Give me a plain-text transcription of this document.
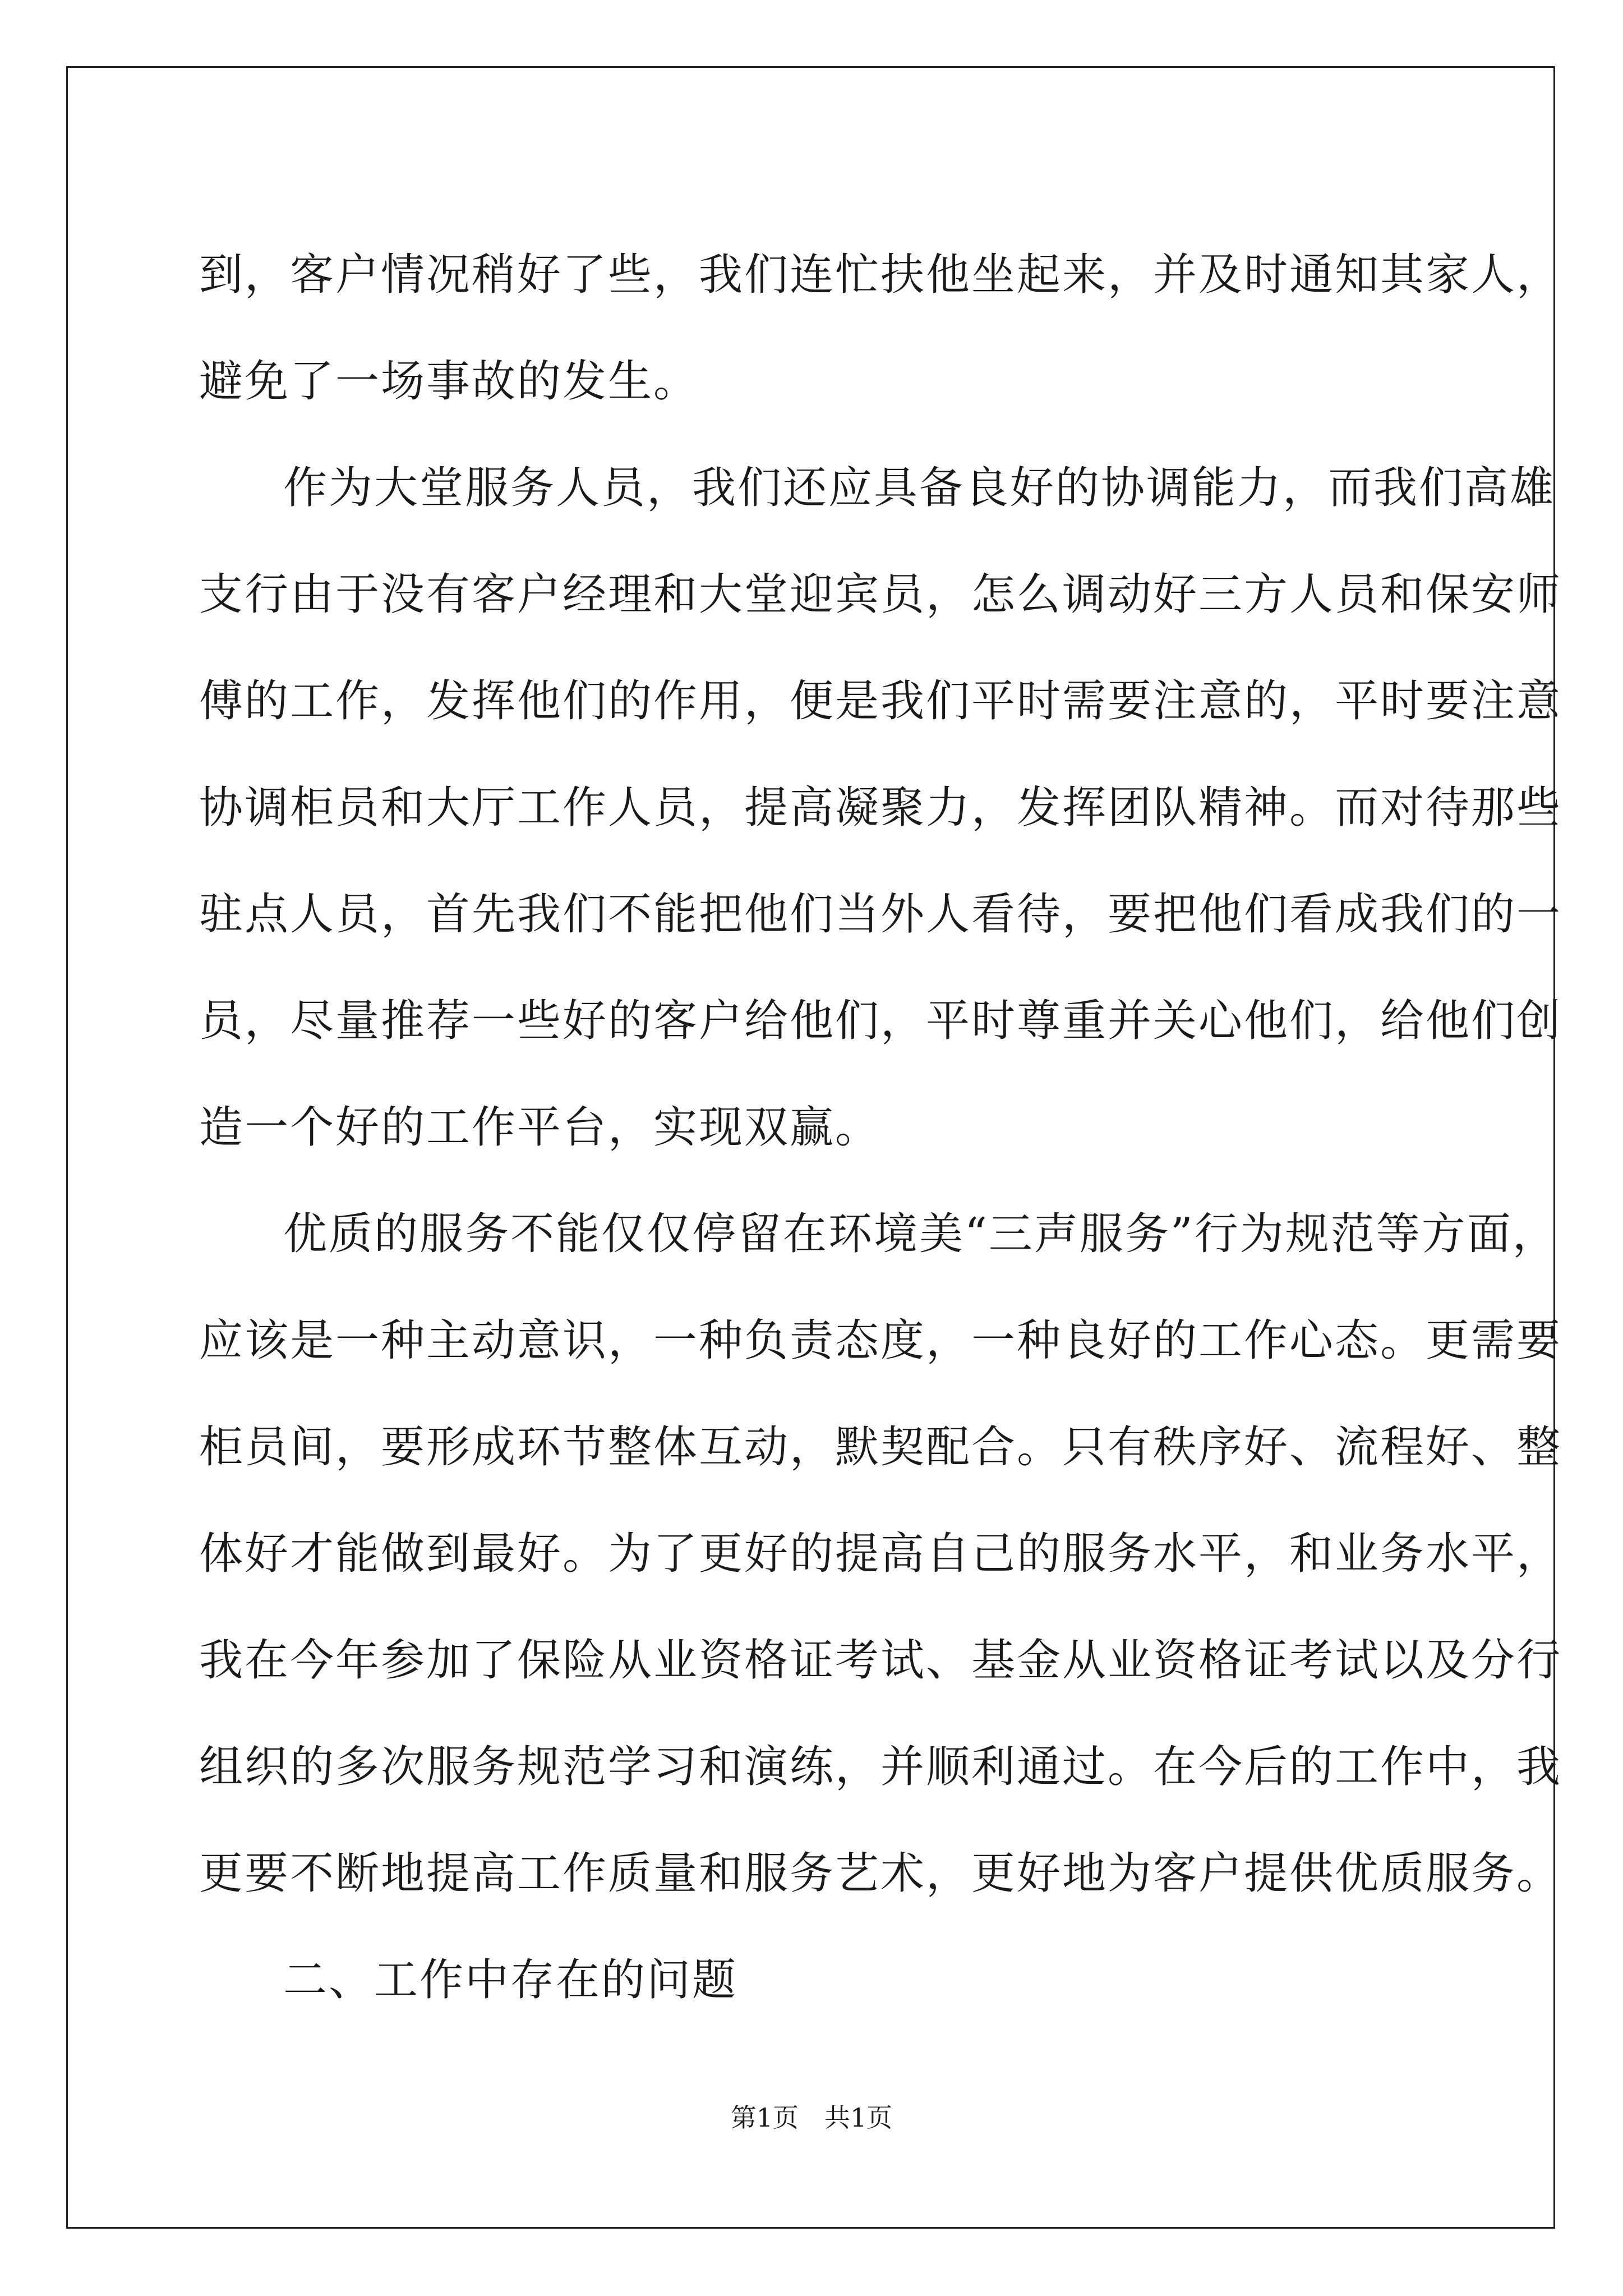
到，客户情况稍好了些，我们连忙扶他坐起来，并及时通知其家人，
避免了一场事故的发生。
作为大堂服务人员，我们还应具备良好的协调能力，而我们高雄
支行由于没有客户经理和大堂迎宾员，怎么调动好三方人员和保安师
傅的工作，发挥他们的作用，便是我们平时需要注意的，平时要注意
协调柜员和大厅工作人员，提高凝聚力，发挥团队精神。而对待那些
驻点人员，首先我们不能把他们当外人看待，要把他们看成我们的一
员，尽量推荐一些好的客户给他们，平时尊重并关心他们，给他们创
造一个好的工作平台，实现双赢。
优质的服务不能仅仅停留在环境美“三声服务”行为规范等方面，
应该是一种主动意识，一种负责态度，一种良好的工作心态。更需要
柜员间，要形成环节整体互动，默契配合。只有秩序好、流程好、整
体好才能做到最好。为了更好的提高自己的服务水平，和业务水平，
我在今年参加了保险从业资格证考试、基金从业资格证考试以及分行
组织的多次服务规范学习和演练，并顺利通过。在今后的工作中，我
更要不断地提高工作质量和服务艺术，更好地为客户提供优质服务。
二、工作中存在的问题
第1页　共1页
